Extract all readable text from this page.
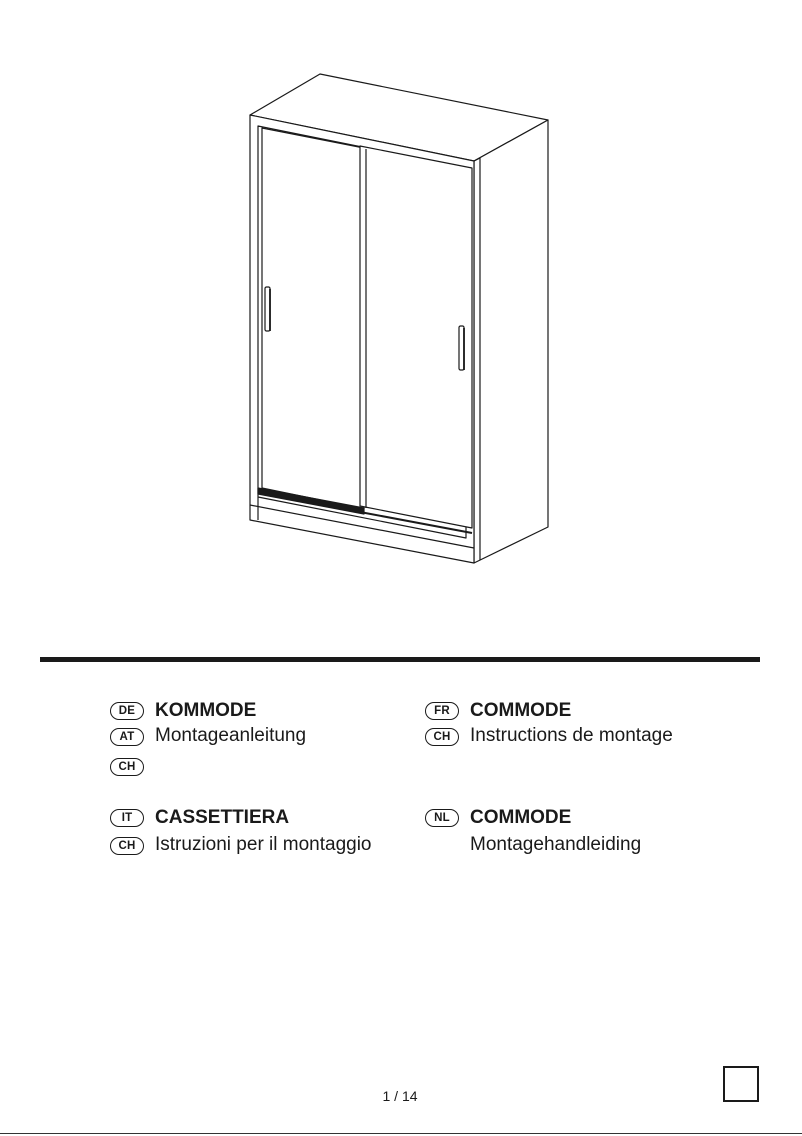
DE	KOMMODE
AT	Montageanleitung
CH
FR	COMMODE
CH	Instructions de montage
IT	CASSETTIERA
CH	Istruzioni per il montaggio
NL	COMMODE
Montagehandleiding
1 / 14
